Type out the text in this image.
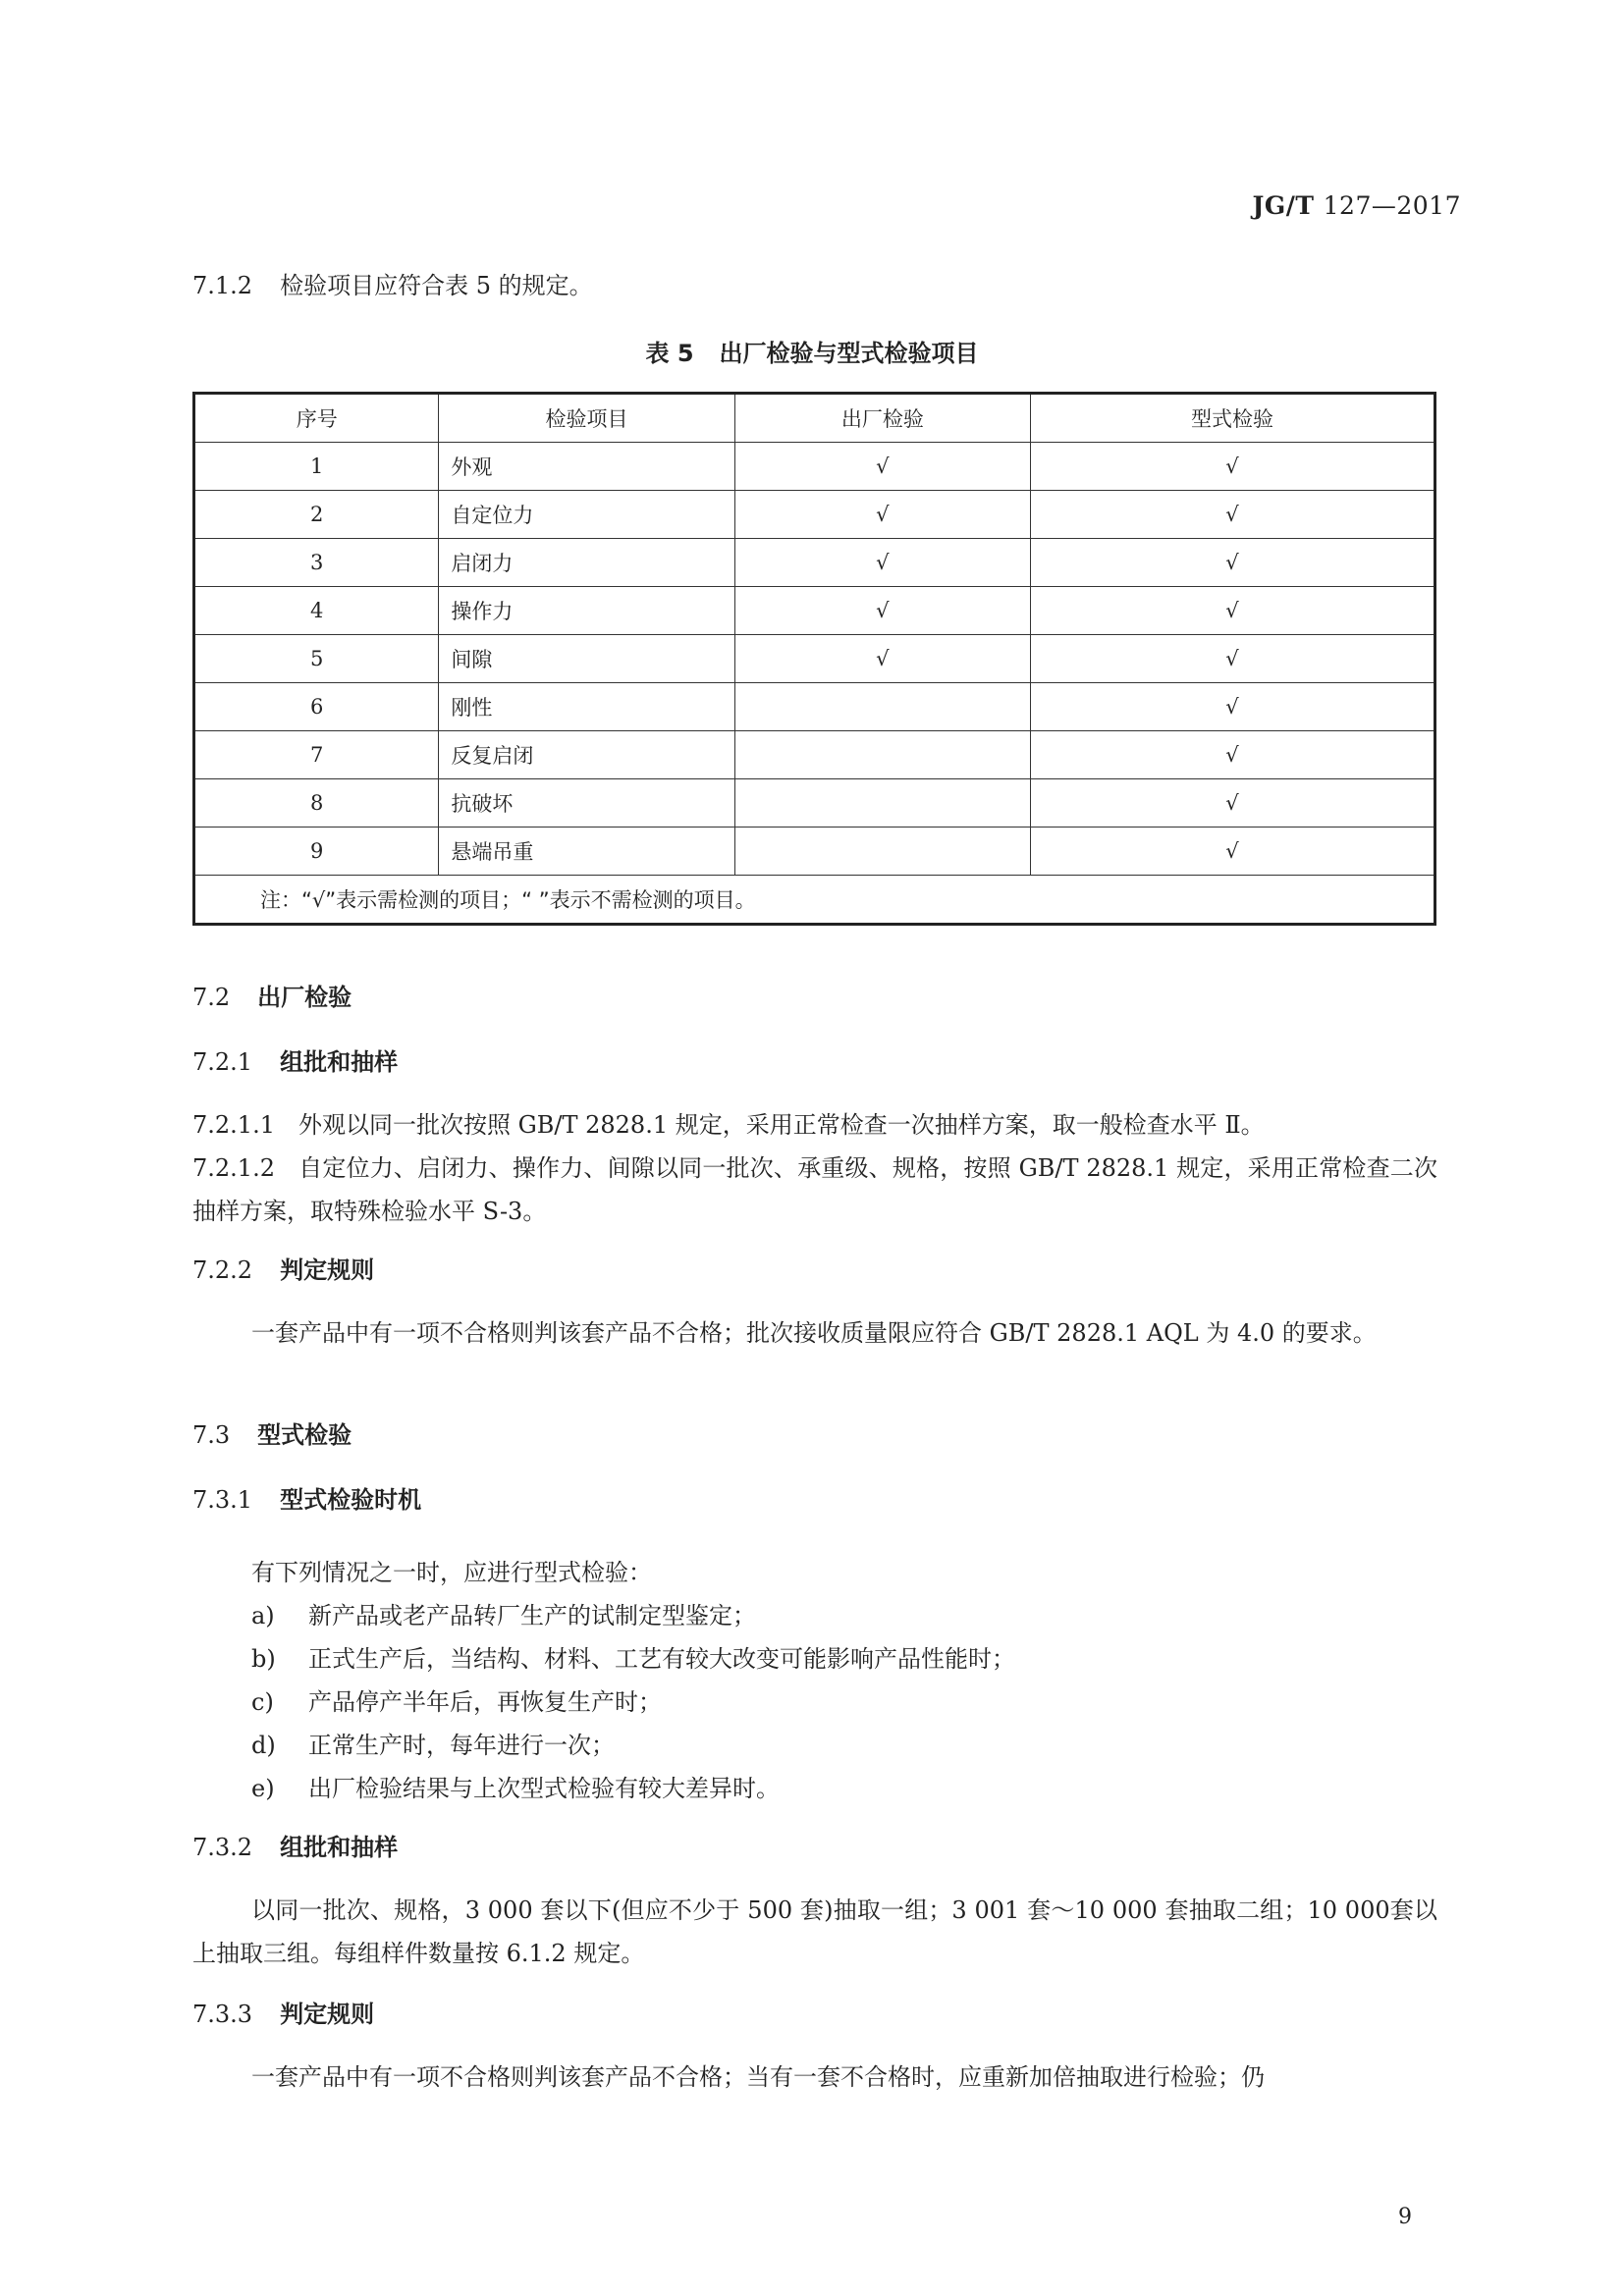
JG/T 127—2017
7.1.2 检验项目应符合表 5 的规定。
表 5 出厂检验与型式检验项目
序号	检验项目	出厂检验	型式检验
1	外观	√	√
2	自定位力	√	√
3	启闭力	√	√
4	操作力	√	√
5	间隙	√	√
6	刚性		√
7	反复启闭		√
8	抗破坏		√
9	悬端吊重		√
注：“√”表示需检测的项目；“ ”表示不需检测的项目。			
7.2 出厂检验
7.2.1 组批和抽样
7.2.1.1 外观以同一批次按照 GB/T 2828.1 规定，采用正常检查一次抽样方案，取一般检查水平 Ⅱ。
7.2.1.2 自定位力、启闭力、操作力、间隙以同一批次、承重级、规格，按照 GB/T 2828.1 规定，采用正常检查二次抽样方案，取特殊检验水平 S-3。
7.2.2 判定规则
一套产品中有一项不合格则判该套产品不合格；批次接收质量限应符合 GB/T 2828.1 AQL 为 4.0 的要求。
7.3 型式检验
7.3.1 型式检验时机
有下列情况之一时，应进行型式检验：
a) 新产品或老产品转厂生产的试制定型鉴定；
b) 正式生产后，当结构、材料、工艺有较大改变可能影响产品性能时；
c) 产品停产半年后，再恢复生产时；
d) 正常生产时，每年进行一次；
e) 出厂检验结果与上次型式检验有较大差异时。
7.3.2 组批和抽样
以同一批次、规格，3 000 套以下(但应不少于 500 套)抽取一组；3 001 套～10 000 套抽取二组；10 000套以上抽取三组。每组样件数量按 6.1.2 规定。
7.3.3 判定规则
一套产品中有一项不合格则判该套产品不合格；当有一套不合格时，应重新加倍抽取进行检验；仍
9
